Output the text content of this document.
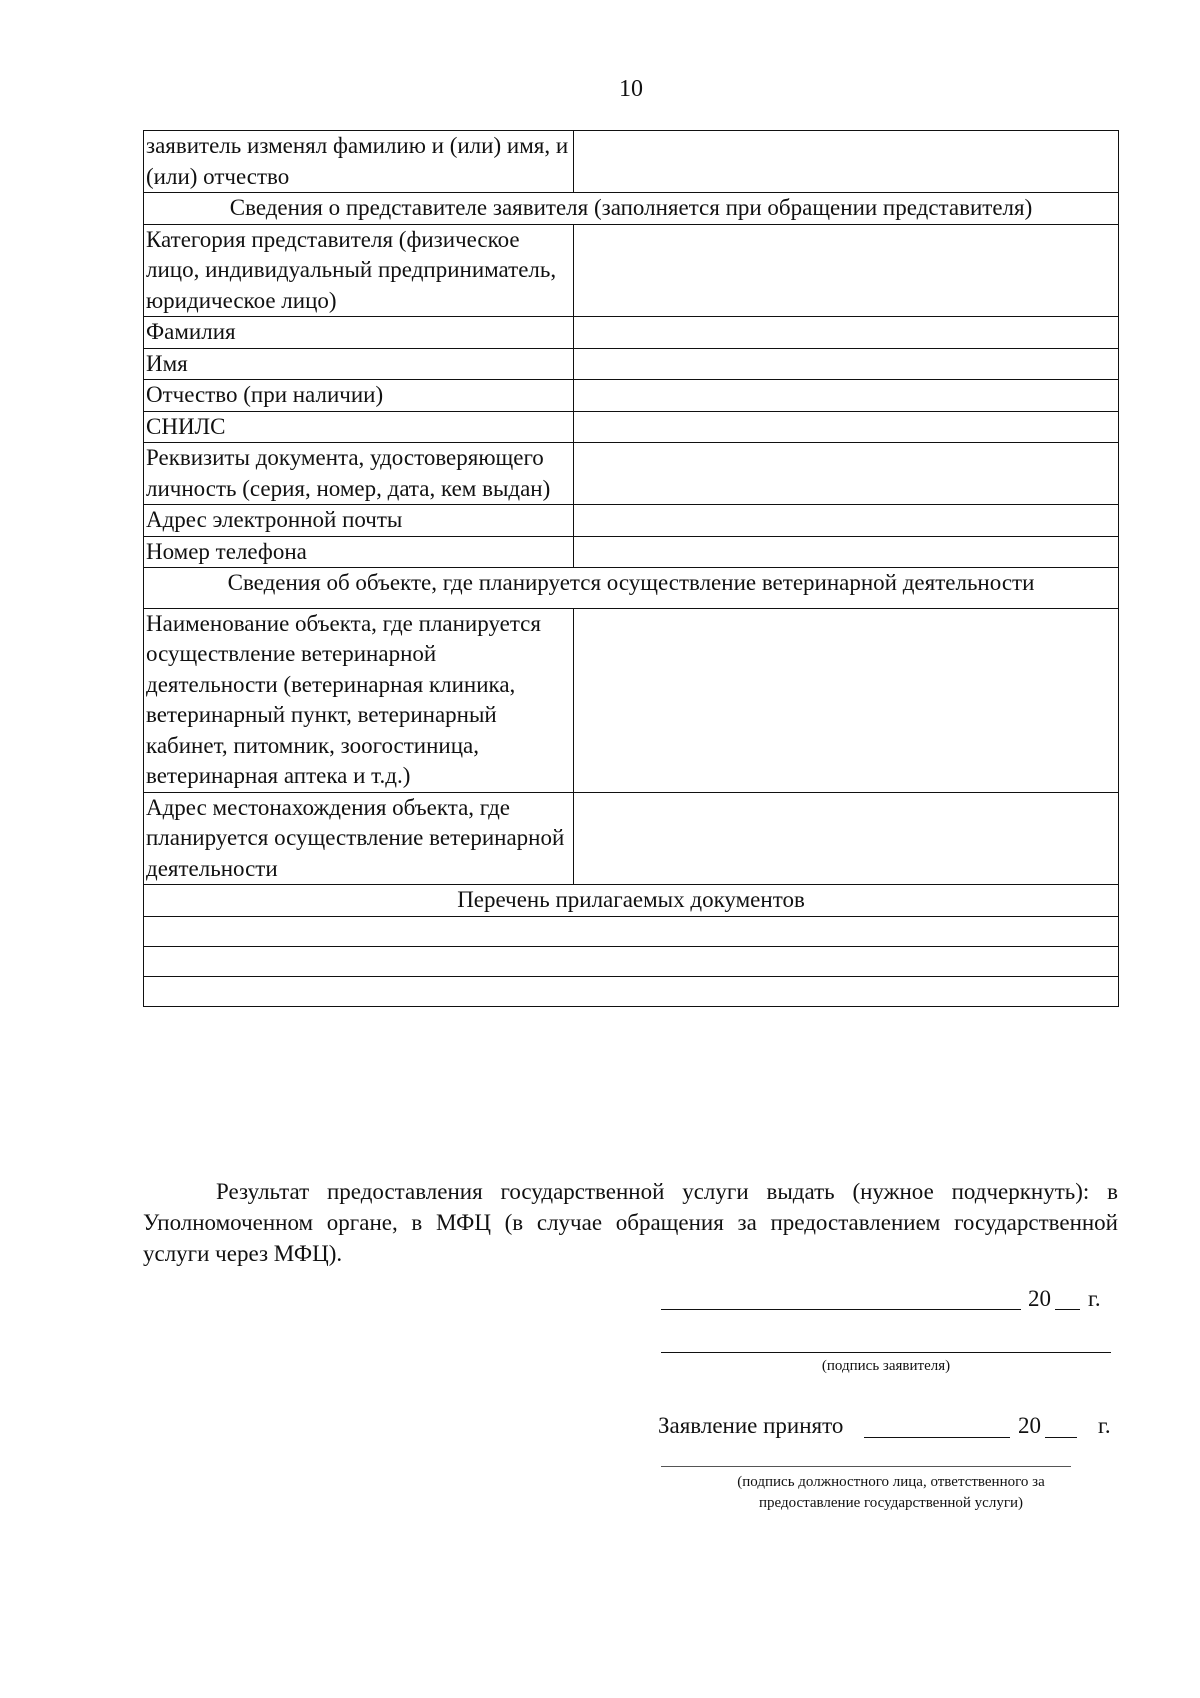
10
заявитель изменял фамилию и (или) имя, и (или) отчество	
Сведения о представителе заявителя (заполняется при обращении представителя)	
Категория представителя (физическое лицо, индивидуальный предприниматель, юридическое лицо)	
Фамилия	
Имя	
Отчество (при наличии)	
СНИЛС	
Реквизиты документа, удостоверяющего личность (серия, номер, дата, кем выдан)	
Адрес электронной почты	
Номер телефона	
Сведения об объекте, где планируется осуществление ветеринарной деятельности	
Наименование объекта, где планируется осуществление ветеринарной деятельности (ветеринарная клиника, ветеринарный пункт, ветеринарный кабинет, питомник, зоогостиница, ветеринарная аптека и т.д.)	
Адрес местонахождения объекта, где планируется осуществление ветеринарной деятельности	
Перечень прилагаемых документов	

Результат предоставления государственной услуги выдать (нужное подчеркнуть): в Уполномоченном органе, в МФЦ (в случае обращения за предоставлением государственной услуги через МФЦ).
20 г.
(подпись заявителя)
Заявление принято	20 г.
(подпись должностного лица, ответственного за предоставление государственной услуги)
